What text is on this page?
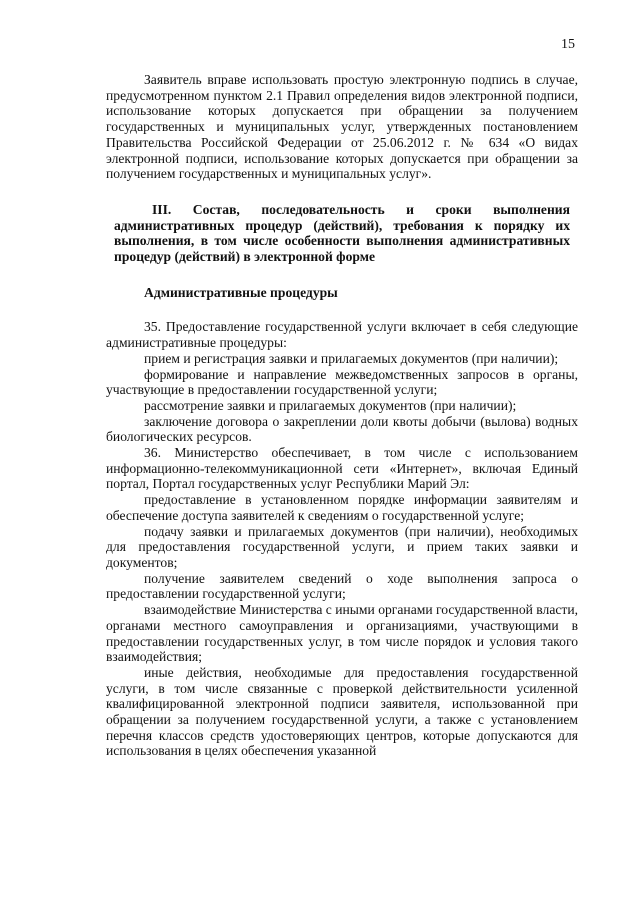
15

Заявитель вправе использовать простую электронную подпись в случае, предусмотренном пунктом 2.1 Правил определения видов электронной подписи, использование которых допускается при обращении за получением государственных и муниципальных услуг, утвержденных постановлением Правительства Российской Федерации от 25.06.2012 г. № 634 «О видах электронной подписи, использование которых допускается при обращении за получением государственных и муниципальных услуг».

III. Состав, последовательность и сроки выполнения административных процедур (действий), требования к порядку их выполнения, в том числе особенности выполнения административных процедур (действий) в электронной форме

Административные процедуры

35. Предоставление государственной услуги включает в себя следующие административные процедуры:

прием и регистрация заявки и прилагаемых документов (при наличии);

формирование и направление межведомственных запросов в органы, участвующие в предоставлении государственной услуги;

рассмотрение заявки и прилагаемых документов (при наличии);

заключение договора о закреплении доли квоты добычи (вылова) водных биологических ресурсов.

36. Министерство обеспечивает, в том числе с использованием информационно-телекоммуникационной сети «Интернет», включая Единый портал, Портал государственных услуг Республики Марий Эл:

предоставление в установленном порядке информации заявителям и обеспечение доступа заявителей к сведениям о государственной услуге;

подачу заявки и прилагаемых документов (при наличии), необходимых для предоставления государственной услуги, и прием таких заявки и документов;

получение заявителем сведений о ходе выполнения запроса о предоставлении государственной услуги;

взаимодействие Министерства с иными органами государственной власти, органами местного самоуправления и организациями, участвующими в предоставлении государственных услуг, в том числе порядок и условия такого взаимодействия;

иные действия, необходимые для предоставления государственной услуги, в том числе связанные с проверкой действительности усиленной квалифицированной электронной подписи заявителя, использованной при обращении за получением государственной услуги, а также с установлением перечня классов средств удостоверяющих центров, которые допускаются для использования в целях обеспечения указанной
